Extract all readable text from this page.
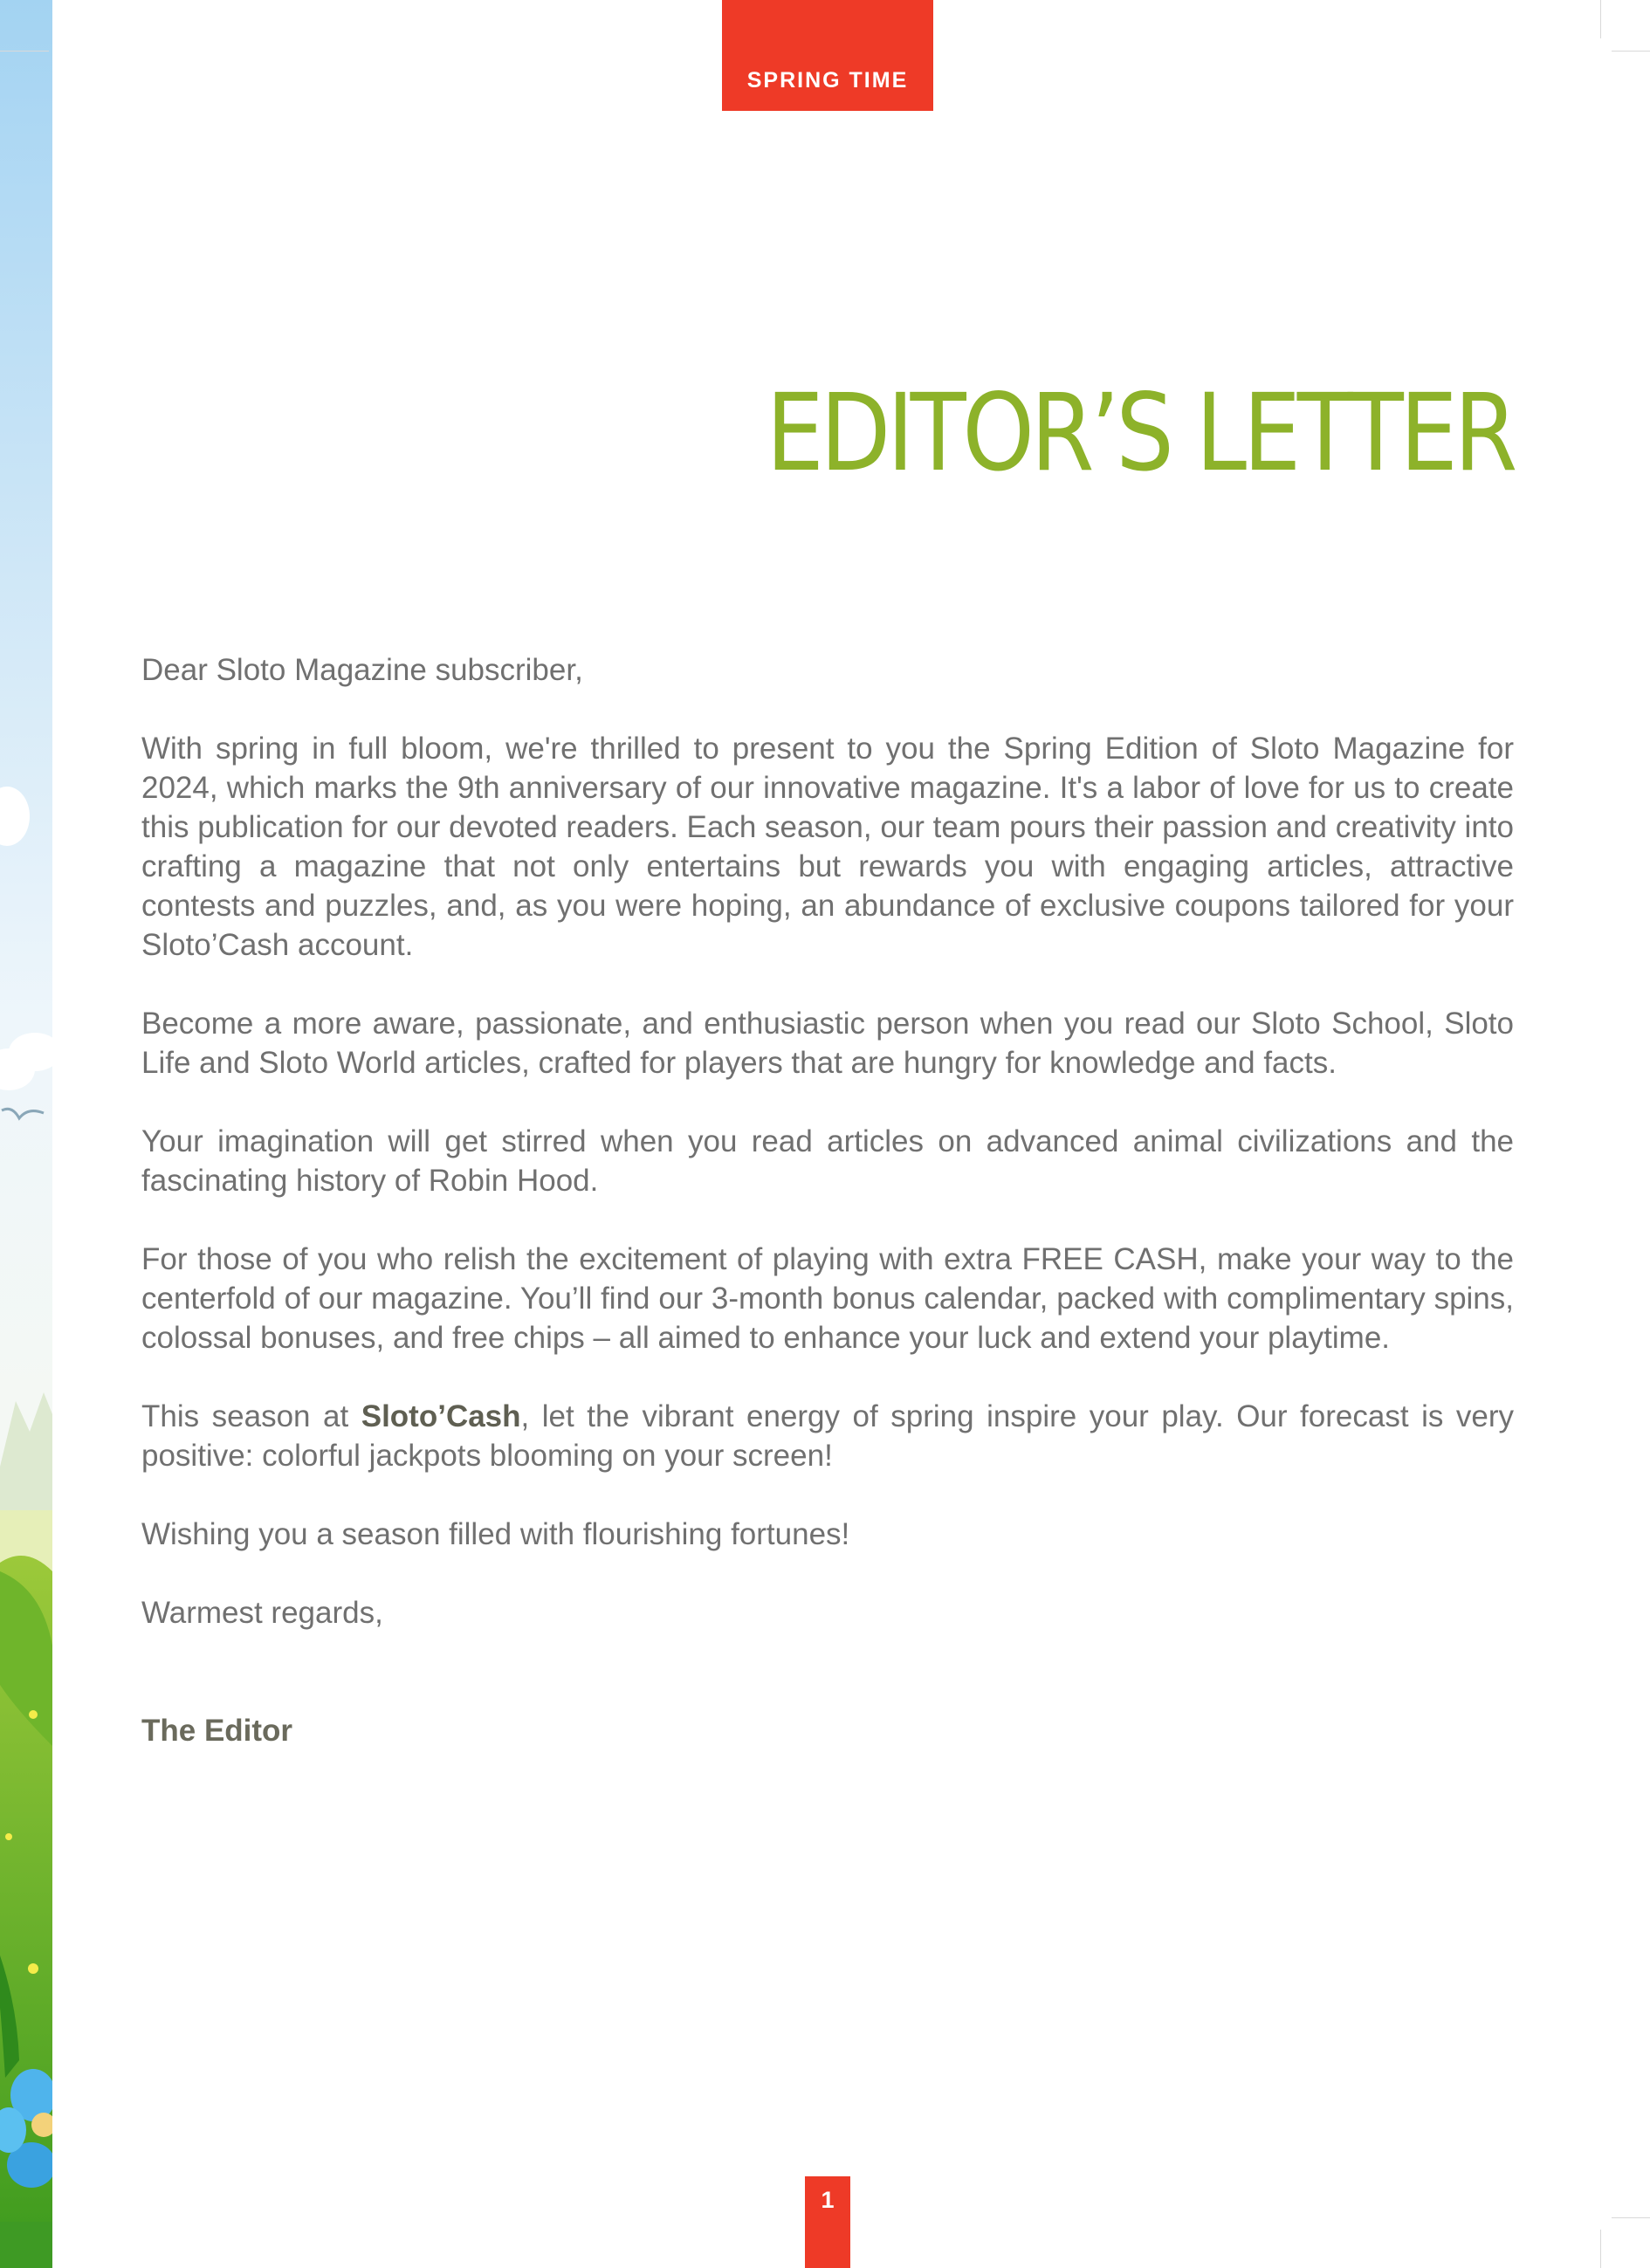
SPRING TIME
EDITOR’S LETTER

Dear Sloto Magazine subscriber,

With spring in full bloom, we're thrilled to present to you the Spring Edition of Sloto Magazine for 2024, which marks the 9th anniversary of our innovative magazine. It's a labor of love for us to create this publication for our devoted readers. Each season, our team pours their passion and creativity into crafting a magazine that not only entertains but rewards you with engaging articles, attractive contests and puzzles, and, as you were hoping, an abundance of exclusive coupons tailored for your Sloto’Cash account.

Become a more aware, passionate, and enthusiastic person when you read our Sloto School, Sloto Life and Sloto World articles, crafted for players that are hungry for knowledge and facts.

Your imagination will get stirred when you read articles on advanced animal civilizations and the fascinating history of Robin Hood.

For those of you who relish the excitement of playing with extra FREE CASH, make your way to the centerfold of our magazine. You’ll find our 3-month bonus calendar, packed with complimentary spins, colossal bonuses, and free chips – all aimed to enhance your luck and extend your playtime.

This season at Sloto’Cash, let the vibrant energy of spring inspire your play. Our forecast is very positive: colorful jackpots blooming on your screen!

Wishing you a season filled with flourishing fortunes!

Warmest regards,

The Editor

1
